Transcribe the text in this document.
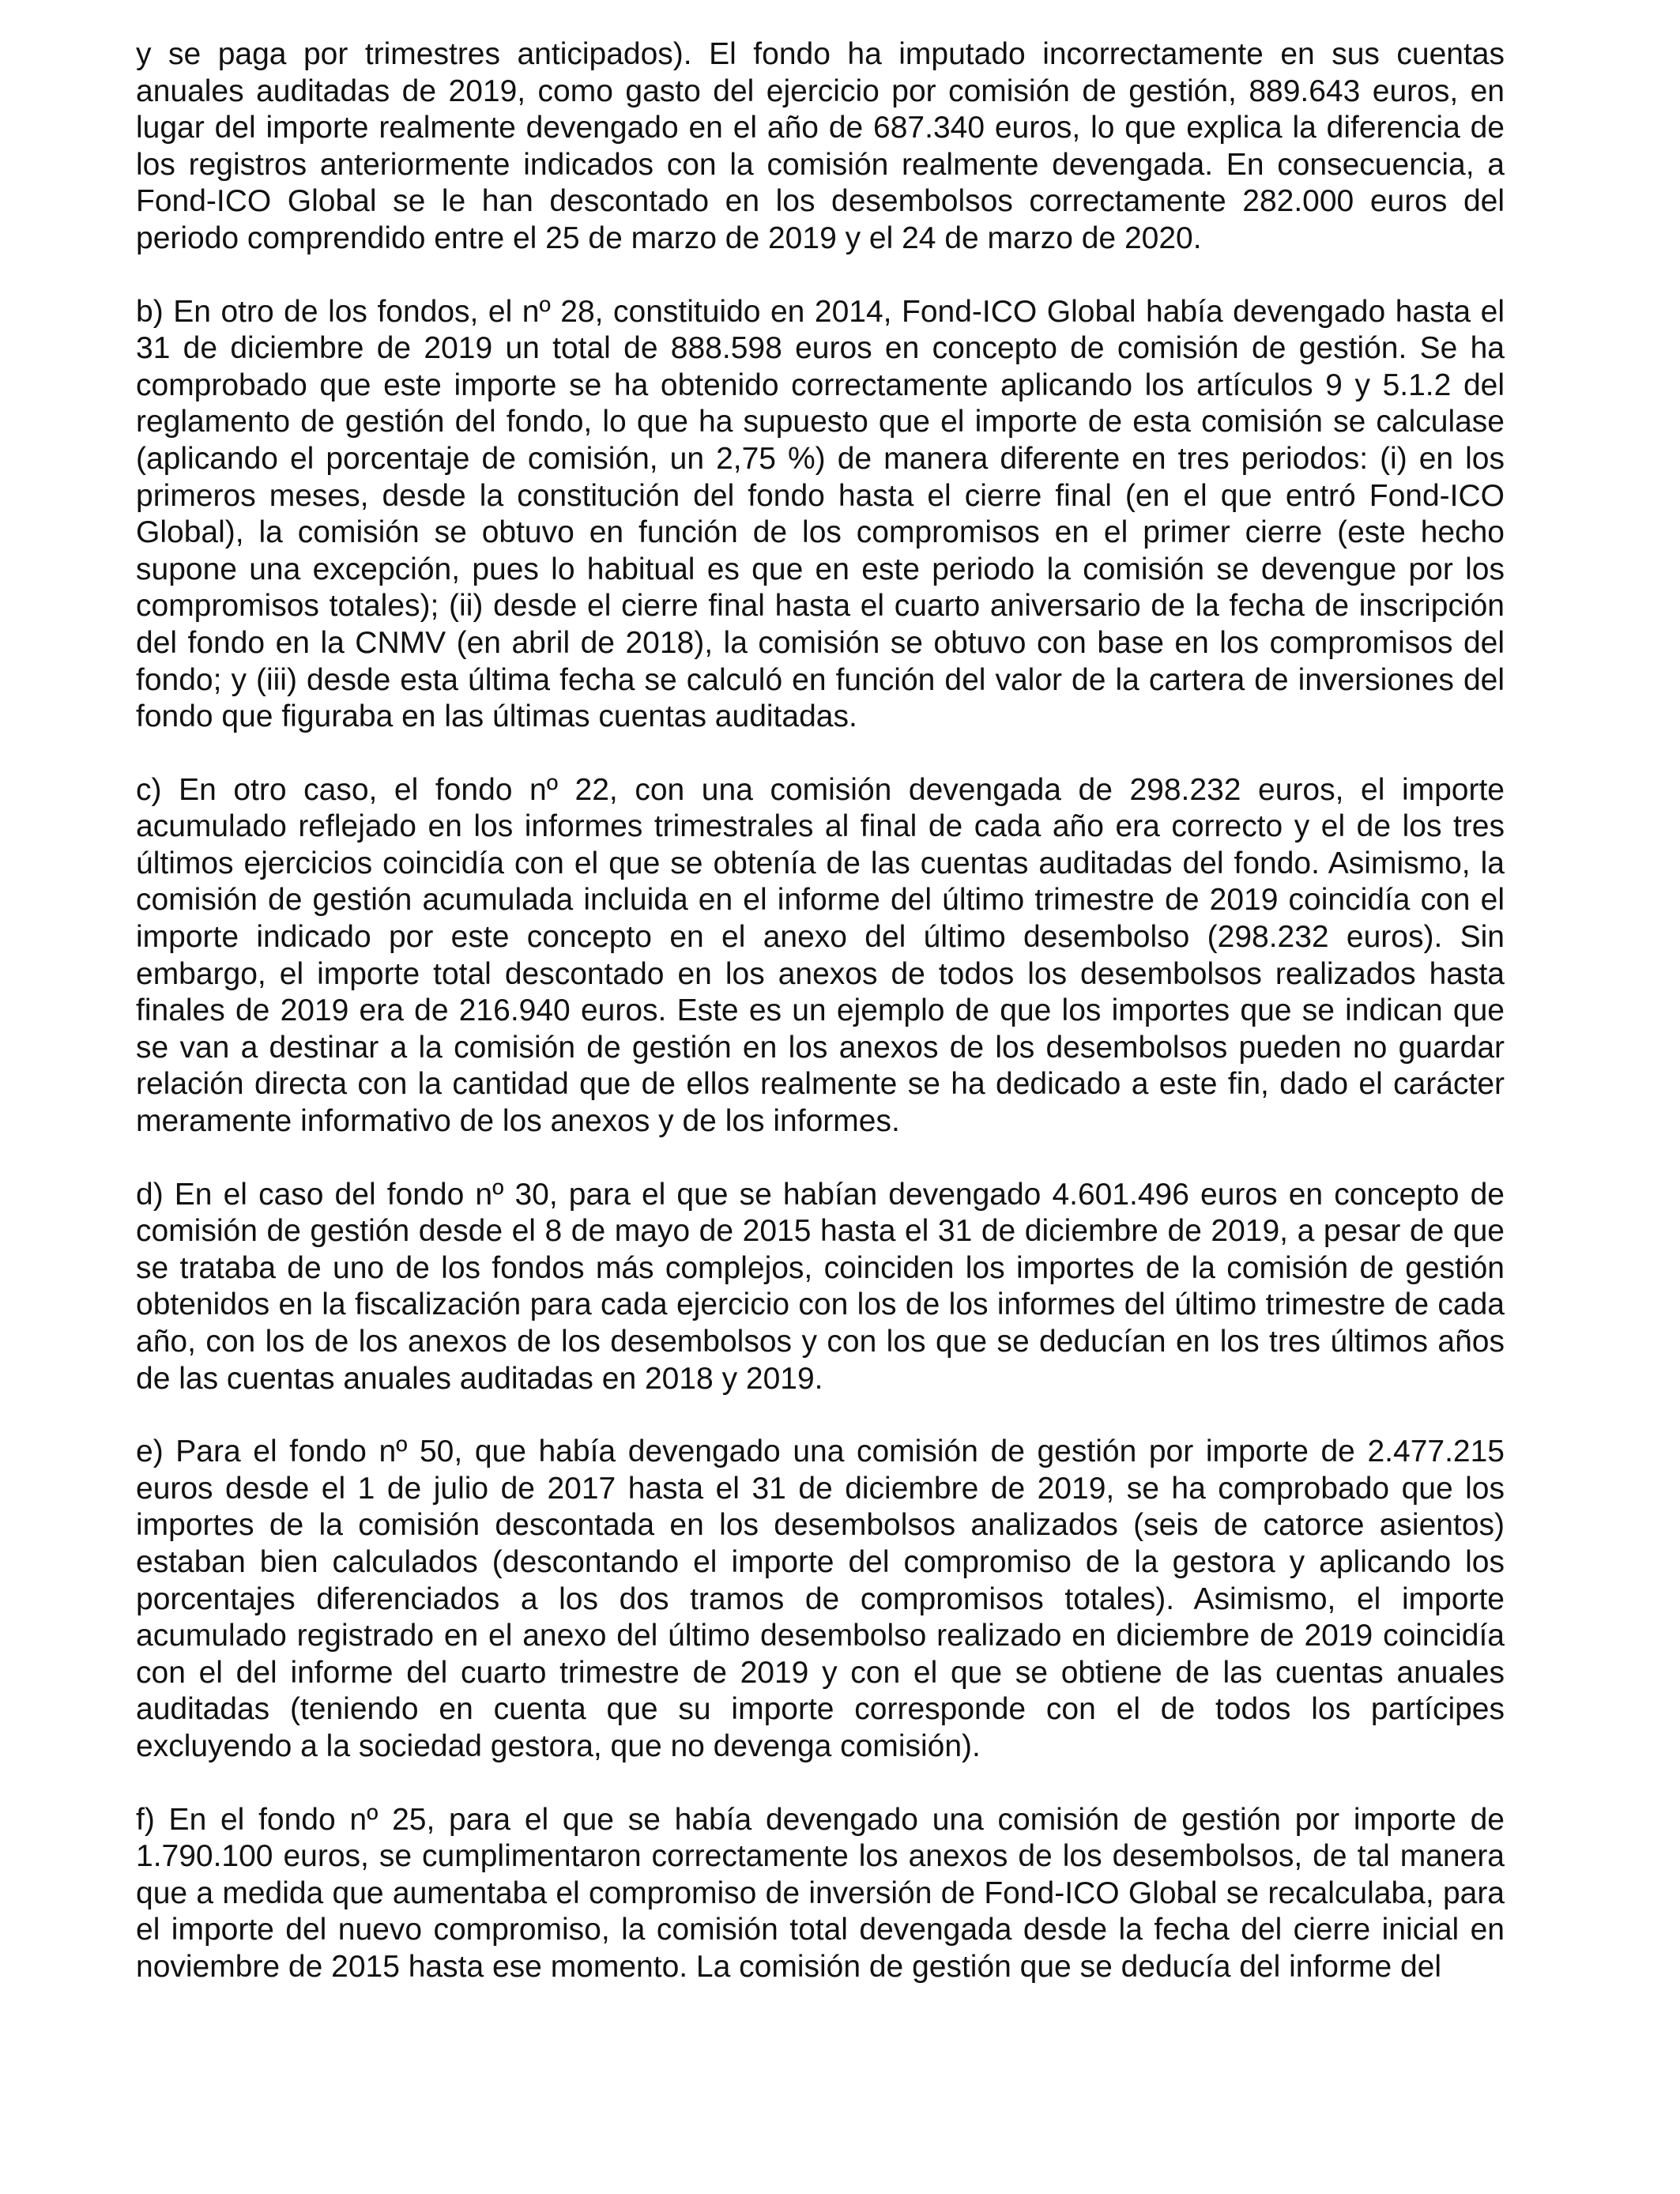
y se paga por trimestres anticipados). El fondo ha imputado incorrectamente en sus cuentas anuales auditadas de 2019, como gasto del ejercicio por comisión de gestión, 889.643 euros, en lugar del importe realmente devengado en el año de 687.340 euros, lo que explica la diferencia de los registros anteriormente indicados con la comisión realmente devengada. En consecuencia, a Fond-ICO Global se le han descontado en los desembolsos correctamente 282.000 euros del periodo comprendido entre el 25 de marzo de 2019 y el 24 de marzo de 2020.

b) En otro de los fondos, el nº 28, constituido en 2014, Fond-ICO Global había devengado hasta el 31 de diciembre de 2019 un total de 888.598 euros en concepto de comisión de gestión. Se ha comprobado que este importe se ha obtenido correctamente aplicando los artículos 9 y 5.1.2 del reglamento de gestión del fondo, lo que ha supuesto que el importe de esta comisión se calculase (aplicando el porcentaje de comisión, un 2,75 %) de manera diferente en tres periodos: (i) en los primeros meses, desde la constitución del fondo hasta el cierre final (en el que entró Fond-ICO Global), la comisión se obtuvo en función de los compromisos en el primer cierre (este hecho supone una excepción, pues lo habitual es que en este periodo la comisión se devengue por los compromisos totales); (ii) desde el cierre final hasta el cuarto aniversario de la fecha de inscripción del fondo en la CNMV (en abril de 2018), la comisión se obtuvo con base en los compromisos del fondo; y (iii) desde esta última fecha se calculó en función del valor de la cartera de inversiones del fondo que figuraba en las últimas cuentas auditadas.

c) En otro caso, el fondo nº 22, con una comisión devengada de 298.232 euros, el importe acumulado reflejado en los informes trimestrales al final de cada año era correcto y el de los tres últimos ejercicios coincidía con el que se obtenía de las cuentas auditadas del fondo. Asimismo, la comisión de gestión acumulada incluida en el informe del último trimestre de 2019 coincidía con el importe indicado por este concepto en el anexo del último desembolso (298.232 euros). Sin embargo, el importe total descontado en los anexos de todos los desembolsos realizados hasta finales de 2019 era de 216.940 euros. Este es un ejemplo de que los importes que se indican que se van a destinar a la comisión de gestión en los anexos de los desembolsos pueden no guardar relación directa con la cantidad que de ellos realmente se ha dedicado a este fin, dado el carácter meramente informativo de los anexos y de los informes.

d) En el caso del fondo nº 30, para el que se habían devengado 4.601.496 euros en concepto de comisión de gestión desde el 8 de mayo de 2015 hasta el 31 de diciembre de 2019, a pesar de que se trataba de uno de los fondos más complejos, coinciden los importes de la comisión de gestión obtenidos en la fiscalización para cada ejercicio con los de los informes del último trimestre de cada año, con los de los anexos de los desembolsos y con los que se deducían en los tres últimos años de las cuentas anuales auditadas en 2018 y 2019.

e) Para el fondo nº 50, que había devengado una comisión de gestión por importe de 2.477.215 euros desde el 1 de julio de 2017 hasta el 31 de diciembre de 2019, se ha comprobado que los importes de la comisión descontada en los desembolsos analizados (seis de catorce asientos) estaban bien calculados (descontando el importe del compromiso de la gestora y aplicando los porcentajes diferenciados a los dos tramos de compromisos totales). Asimismo, el importe acumulado registrado en el anexo del último desembolso realizado en diciembre de 2019 coincidía con el del informe del cuarto trimestre de 2019 y con el que se obtiene de las cuentas anuales auditadas (teniendo en cuenta que su importe corresponde con el de todos los partícipes excluyendo a la sociedad gestora, que no devenga comisión).

f) En el fondo nº 25, para el que se había devengado una comisión de gestión por importe de 1.790.100 euros, se cumplimentaron correctamente los anexos de los desembolsos, de tal manera que a medida que aumentaba el compromiso de inversión de Fond-ICO Global se recalculaba, para el importe del nuevo compromiso, la comisión total devengada desde la fecha del cierre inicial en noviembre de 2015 hasta ese momento. La comisión de gestión que se deducía del informe del
